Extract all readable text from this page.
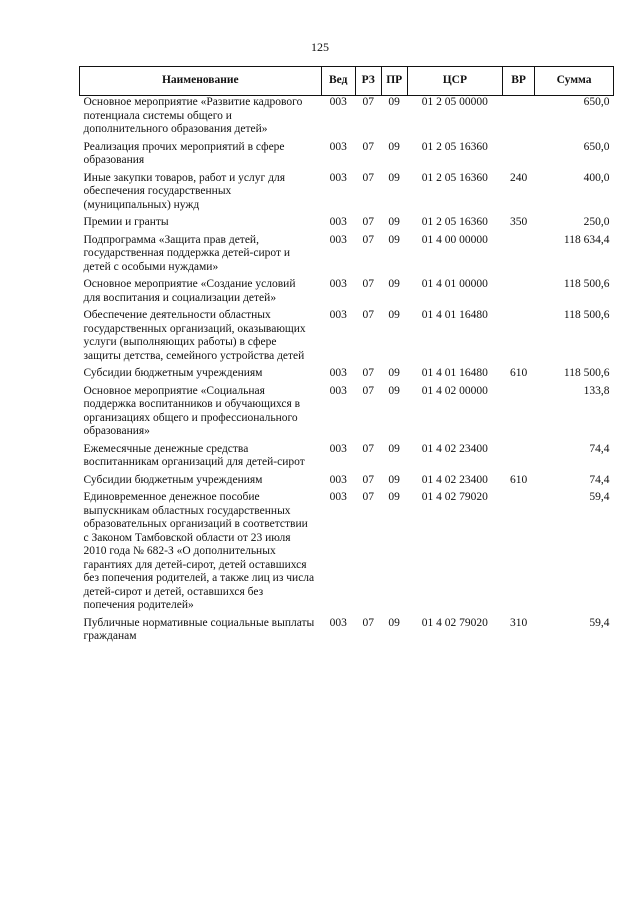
125
Наименование	Вед	РЗ	ПР	ЦСР	ВР	Сумма
Основное мероприятие «Развитие кадрового потенциала системы общего и дополнительного образования детей»	003	07	09	01 2 05 00000		650,0
Реализация прочих мероприятий в сфере образования	003	07	09	01 2 05 16360		650,0
Иные закупки товаров, работ и услуг для обеспечения государственных (муниципальных) нужд	003	07	09	01 2 05 16360	240	400,0
Премии и гранты	003	07	09	01 2 05 16360	350	250,0
Подпрограмма «Защита прав детей, государственная поддержка детей-сирот и детей с особыми нуждами»	003	07	09	01 4 00 00000		118 634,4
Основное мероприятие «Создание условий для воспитания и социализации детей»	003	07	09	01 4 01 00000		118 500,6
Обеспечение деятельности областных государственных организаций, оказывающих услуги (выполняющих работы) в сфере защиты детства, семейного устройства детей	003	07	09	01 4 01 16480		118 500,6
Субсидии бюджетным учреждениям	003	07	09	01 4 01 16480	610	118 500,6
Основное мероприятие «Социальная поддержка воспитанников и обучающихся в организациях общего и профессионального образования»	003	07	09	01 4 02 00000		133,8
Ежемесячные денежные средства воспитанникам организаций для детей-сирот	003	07	09	01 4 02 23400		74,4
Субсидии бюджетным учреждениям	003	07	09	01 4 02 23400	610	74,4
Единовременное денежное пособие выпускникам областных государственных образовательных организаций в соответствии с Законом Тамбовской области от 23 июля 2010 года № 682-З «О дополнительных гарантиях для детей-сирот, детей оставшихся без попечения родителей, а также лиц из числа детей-сирот и детей, оставшихся без попечения родителей»	003	07	09	01 4 02 79020		59,4
Публичные нормативные социальные выплаты гражданам	003	07	09	01 4 02 79020	310	59,4
